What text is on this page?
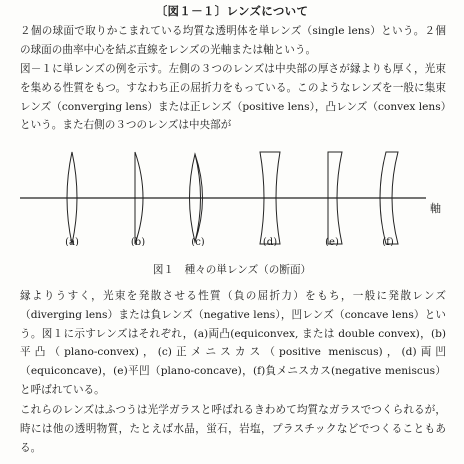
〔図１－１〕レンズについて

２個の球面で取りかこまれている均質な透明体を単レンズ（single lens）という。２個の球面の曲率中心を結ぶ直線をレンズの光軸または軸という。

図－１に単レンズの例を示す。左側の３つのレンズは中央部の厚さが縁よりも厚く，光束を集める性質をもつ。すなわち正の屈折力をもっている。このようなレンズを一般に集束レンズ（converging lens）または正レンズ（positive lens），凸レンズ（convex lens）という。また右側の３つのレンズは中央部が

軸
(a)	(b)	(c)	(d)	(e)	(f)
図１　種々の単レンズ（の断面）

縁よりうすく，光束を発散させる性質（負の屈折力）をもち，一般に発散レンズ（diverging lens）または負レンズ（negative lens），凹レンズ（concave lens）という。図１に示すレンズはそれぞれ，(a)両凸(equiconvex, または double convex)，(b)平凸（plano-convex)，(c)正メニスカス（positive meniscus)，(d)両凹（equiconcave)，(e)平凹（plano-concave)，(f)負メニスカス(negative meniscus）と呼ばれている。

これらのレンズはふつうは光学ガラスと呼ばれるきわめて均質なガラスでつくられるが，時には他の透明物質，たとえば水晶，蛍石，岩塩，プラスチックなどでつくることもある。
